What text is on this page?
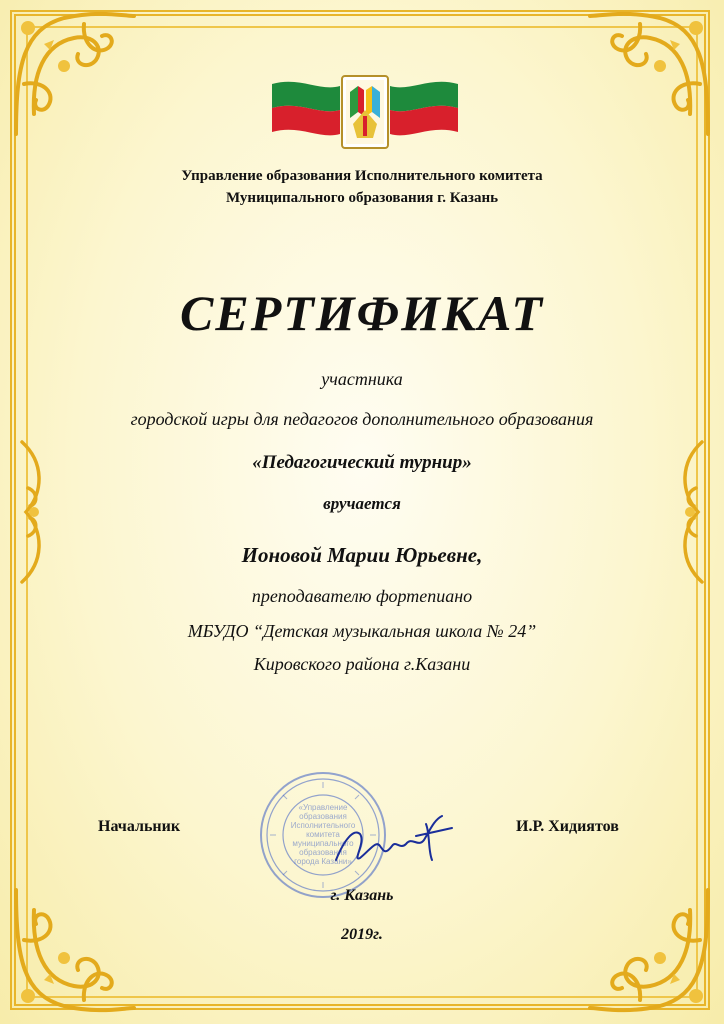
Управление образования Исполнительного комитета
Муниципального образования г. Казань
СЕРТИФИКАТ
участника
городской игры для педагогов дополнительного образования
«Педагогический турнир»
вручается
Ионовой Марии Юрьевне,
преподавателю фортепиано
МБУДО “Детская музыкальная школа № 24”
Кировского района г.Казани
«Управление
образования
Исполнительного
комитета
муниципального
образования
города Казани»
Начальник	И.Р. Хидиятов
г. Казань
2019г.
